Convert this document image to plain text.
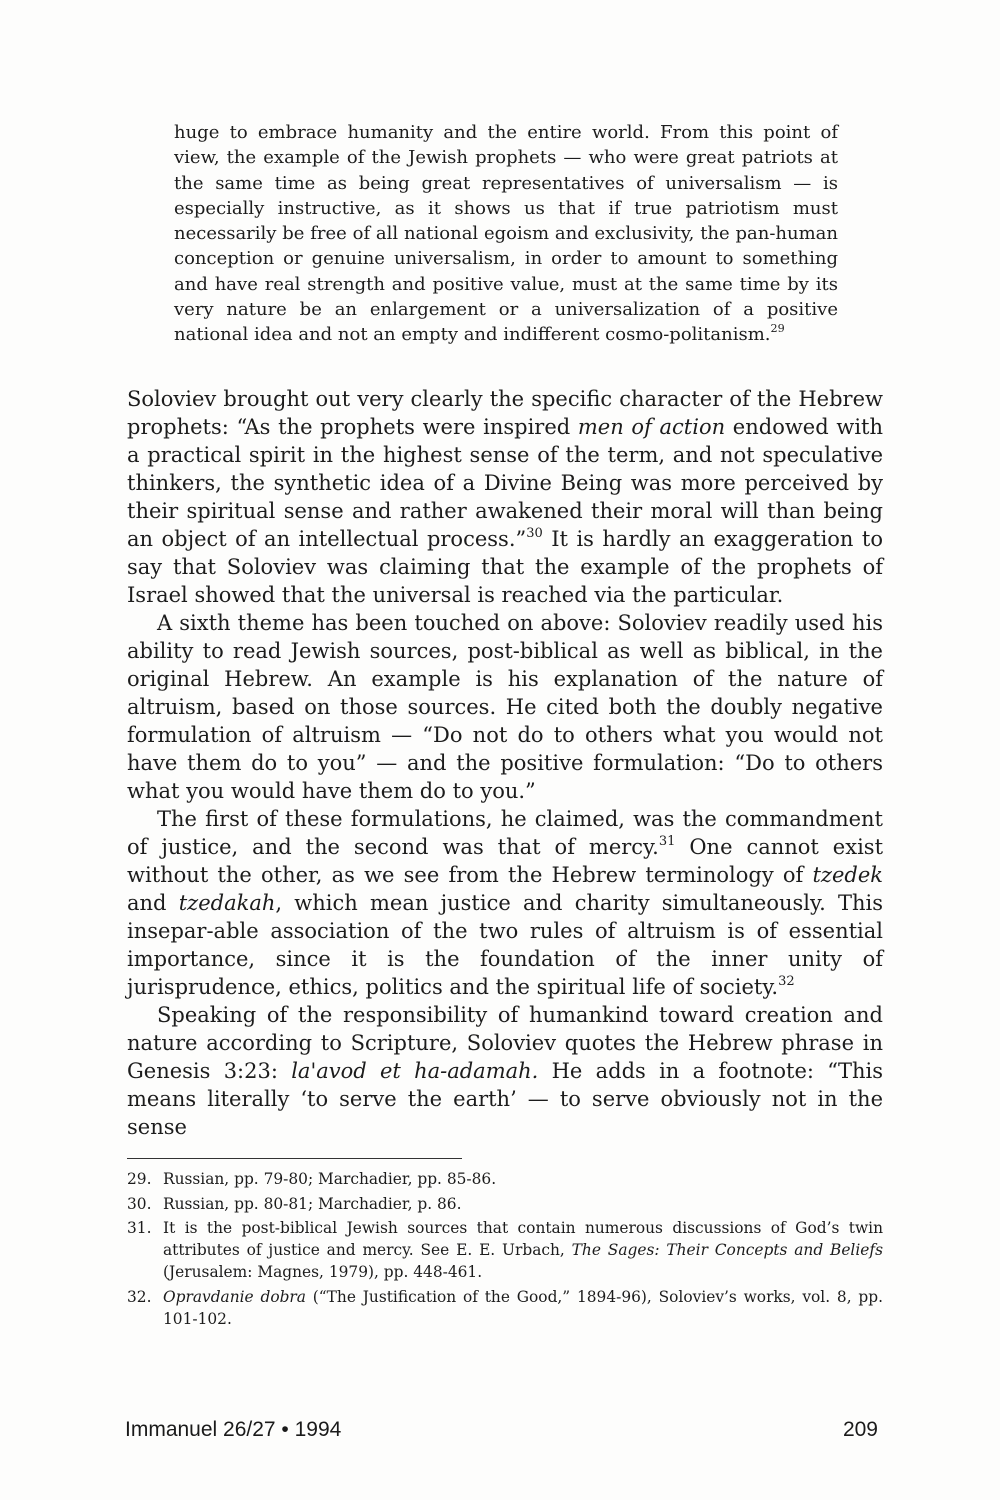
huge to embrace humanity and the entire world. From this point of view, the example of the Jewish prophets — who were great patriots at the same time as being great representatives of universalism — is especially instructive, as it shows us that if true patriotism must necessarily be free of all national egoism and exclusivity, the pan-human conception or genuine universalism, in order to amount to something and have real strength and positive value, must at the same time by its very nature be an enlargement or a universalization of a positive national idea and not an empty and indifferent cosmo-politanism.$^{29}$

Soloviev brought out very clearly the specific character of the Hebrew prophets: “As the prophets were inspired men of action endowed with a practical spirit in the highest sense of the term, and not speculative thinkers, the synthetic idea of a Divine Being was more perceived by their spiritual sense and rather awakened their moral will than being an object of an intellectual process.”$^{30}$ It is hardly an exaggeration to say that Soloviev was claiming that the example of the prophets of Israel showed that the universal is reached via the particular.

A sixth theme has been touched on above: Soloviev readily used his ability to read Jewish sources, post-biblical as well as biblical, in the original Hebrew. An example is his explanation of the nature of altruism, based on those sources. He cited both the doubly negative formulation of altruism — “Do not do to others what you would not have them do to you” — and the positive formulation: “Do to others what you would have them do to you.”

The first of these formulations, he claimed, was the commandment of justice, and the second was that of mercy.$^{31}$ One cannot exist without the other, as we see from the Hebrew terminology of tzedek and tzedakah, which mean justice and charity simultaneously. This insepar-able association of the two rules of altruism is of essential importance, since it is the foundation of the inner unity of jurisprudence, ethics, politics and the spiritual life of society.$^{32}$

Speaking of the responsibility of humankind toward creation and nature according to Scripture, Soloviev quotes the Hebrew phrase in Genesis 3:23: la'avod et ha-adamah. He adds in a footnote: “This means literally ‘to serve the earth’ — to serve obviously not in the sense

29. Russian, pp. 79-80; Marchadier, pp. 85-86.
30. Russian, pp. 80-81; Marchadier, p. 86.
31. It is the post-biblical Jewish sources that contain numerous discussions of God’s twin attributes of justice and mercy. See E. E. Urbach, The Sages: Their Concepts and Beliefs (Jerusalem: Magnes, 1979), pp. 448-461.
32. Opravdanie dobra (“The Justification of the Good,” 1894-96), Soloviev’s works, vol. 8, pp. 101-102.
Immanuel 26/27 • 1994	209
